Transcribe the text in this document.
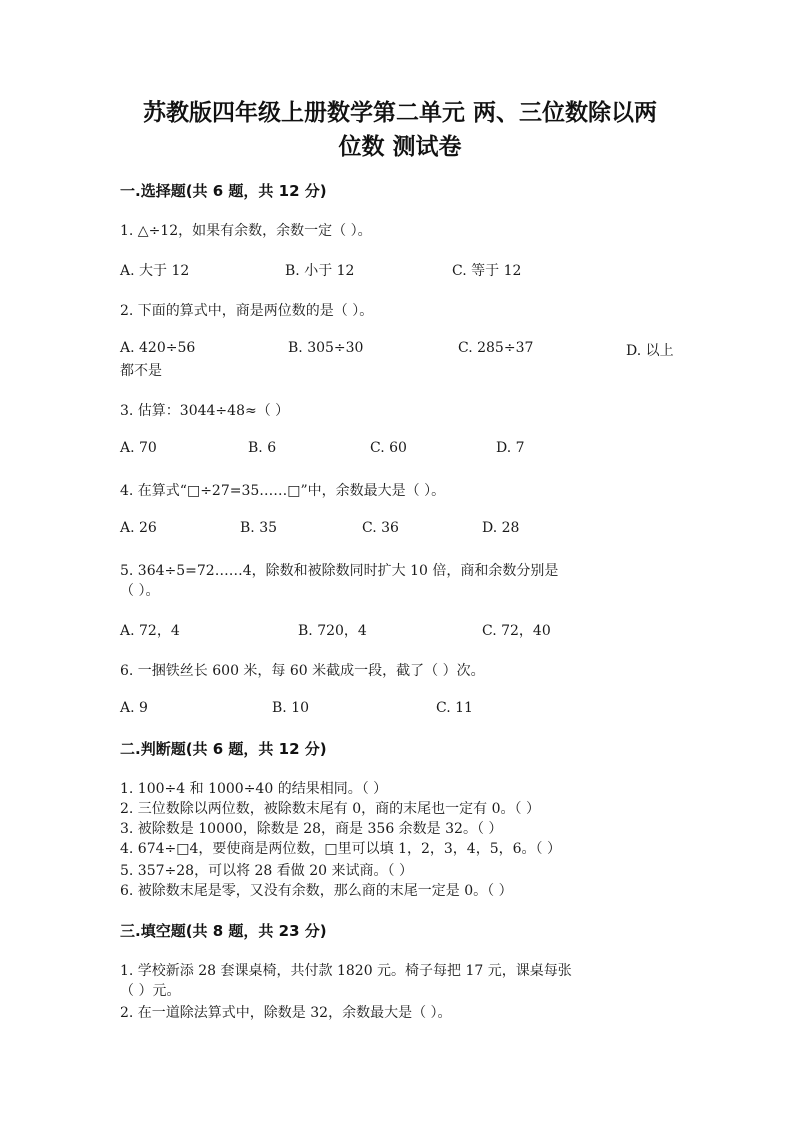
苏教版四年级上册数学第二单元 两、三位数除以两
位数 测试卷
一.选择题(共 6 题，共 12 分)
1. △÷12，如果有余数，余数一定（ ）。
A. 大于 12	B. 小于 12	C. 等于 12
2. 下面的算式中，商是两位数的是（ ）。
A. 420÷56	B. 305÷30	C. 285÷37	D. 以上
都不是
3. 估算：3044÷48≈（ ）
A. 70	B. 6	C. 60	D. 7
4. 在算式“□÷27=35……□”中，余数最大是（ ）。
A. 26	B. 35	C. 36	D. 28
5. 364÷5=72……4，除数和被除数同时扩大 10 倍，商和余数分别是
（ ）。
A. 72，4	B. 720，4	C. 72，40
6. 一捆铁丝长 600 米，每 60 米截成一段，截了（ ）次。
A. 9	B. 10	C. 11
二.判断题(共 6 题，共 12 分)
1. 100÷4 和 1000÷40 的结果相同。（ ）
2. 三位数除以两位数，被除数末尾有 0，商的末尾也一定有 0。（ ）
3. 被除数是 10000，除数是 28，商是 356 余数是 32。（ ）
4. 674÷□4，要使商是两位数，□里可以填 1，2，3，4，5，6。（ ）
5. 357÷28，可以将 28 看做 20 来试商。（ ）
6. 被除数末尾是零，又没有余数，那么商的末尾一定是 0。（ ）
三.填空题(共 8 题，共 23 分)
1. 学校新添 28 套课桌椅，共付款 1820 元。椅子每把 17 元，课桌每张
（ ）元。
2. 在一道除法算式中，除数是 32，余数最大是（ ）。
